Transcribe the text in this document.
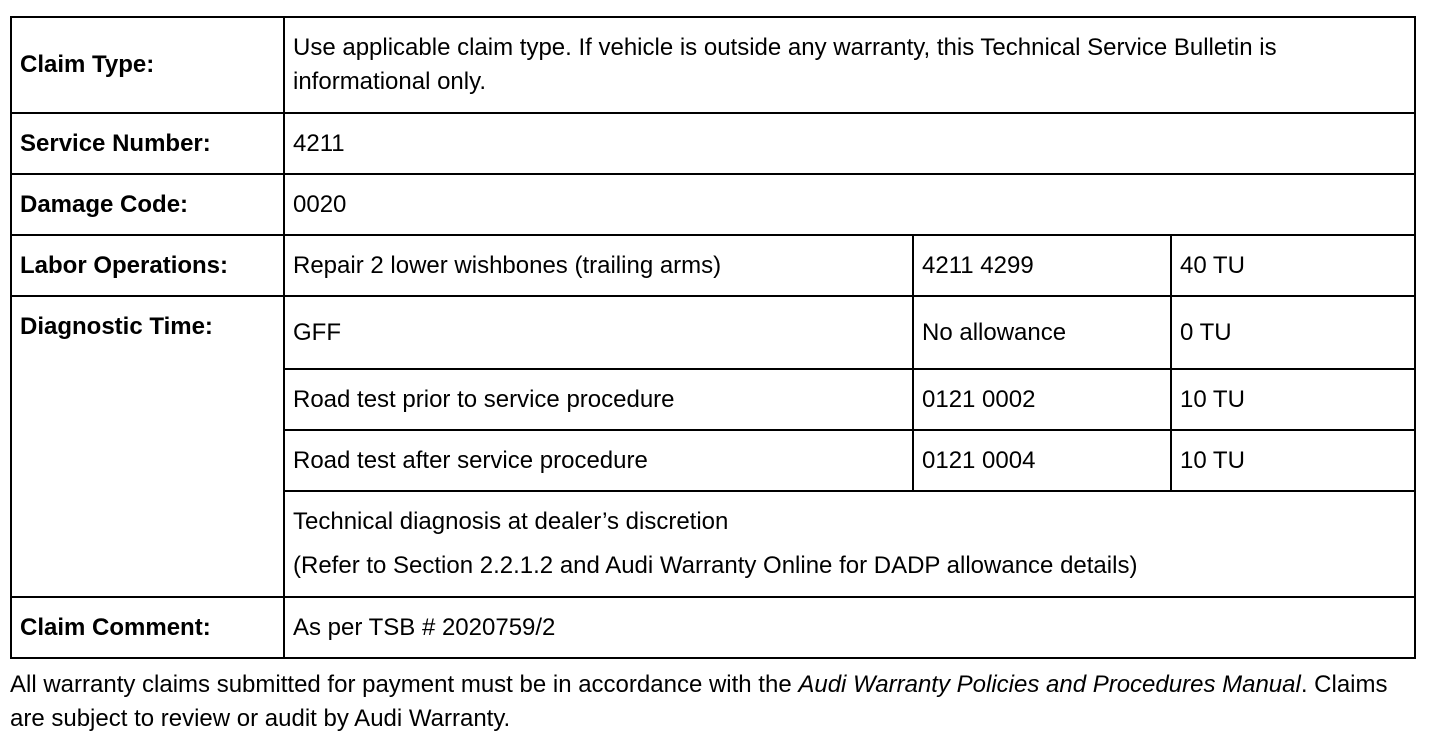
Claim Type:	Use applicable claim type. If vehicle is outside any warranty, this Technical Service Bulletin is informational only.		
Service Number:	4211		
Damage Code:	0020		
Labor Operations:	Repair 2 lower wishbones (trailing arms)	4211 4299	40 TU
Diagnostic Time:	GFF	No allowance	0 TU
	Road test prior to service procedure	0121 0002	10 TU
	Road test after service procedure	0121 0004	10 TU
	Technical diagnosis at dealer’s discretion
(Refer to Section 2.2.1.2 and Audi Warranty Online for DADP allowance details)		

Claim Comment:	As per TSB # 2020759/2		

All warranty claims submitted for payment must be in accordance with the Audi Warranty Policies and Procedures Manual. Claims are subject to review or audit by Audi Warranty.
